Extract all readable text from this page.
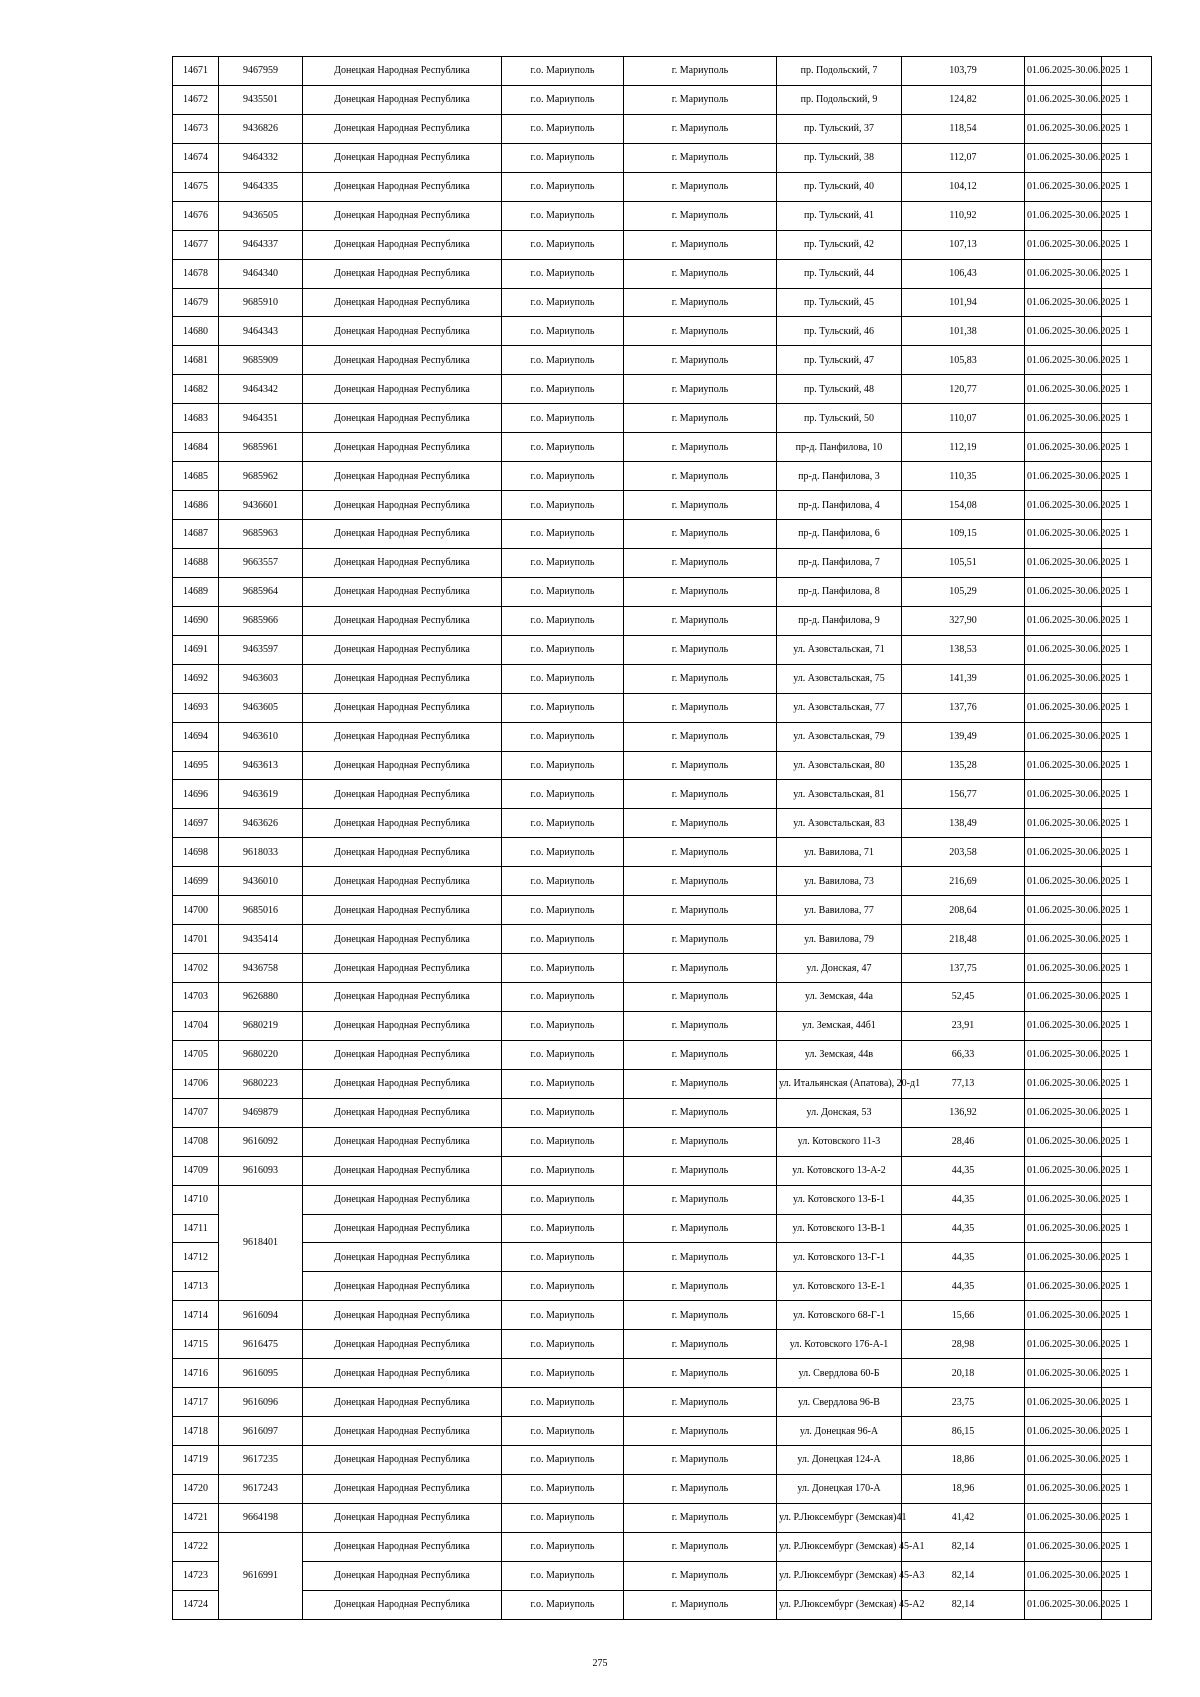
14671	9467959	Донецкая Народная Республика	г.о. Мариуполь	г. Мариуполь	пр. Подольский, 7	103,79	01.06.2025-30.06.2025	1
14672	9435501	Донецкая Народная Республика	г.о. Мариуполь	г. Мариуполь	пр. Подольский, 9	124,82	01.06.2025-30.06.2025	1
14673	9436826	Донецкая Народная Республика	г.о. Мариуполь	г. Мариуполь	пр. Тульский, 37	118,54	01.06.2025-30.06.2025	1
14674	9464332	Донецкая Народная Республика	г.о. Мариуполь	г. Мариуполь	пр. Тульский, 38	112,07	01.06.2025-30.06.2025	1
14675	9464335	Донецкая Народная Республика	г.о. Мариуполь	г. Мариуполь	пр. Тульский, 40	104,12	01.06.2025-30.06.2025	1
14676	9436505	Донецкая Народная Республика	г.о. Мариуполь	г. Мариуполь	пр. Тульский, 41	110,92	01.06.2025-30.06.2025	1
14677	9464337	Донецкая Народная Республика	г.о. Мариуполь	г. Мариуполь	пр. Тульский, 42	107,13	01.06.2025-30.06.2025	1
14678	9464340	Донецкая Народная Республика	г.о. Мариуполь	г. Мариуполь	пр. Тульский, 44	106,43	01.06.2025-30.06.2025	1
14679	9685910	Донецкая Народная Республика	г.о. Мариуполь	г. Мариуполь	пр. Тульский, 45	101,94	01.06.2025-30.06.2025	1
14680	9464343	Донецкая Народная Республика	г.о. Мариуполь	г. Мариуполь	пр. Тульский, 46	101,38	01.06.2025-30.06.2025	1
14681	9685909	Донецкая Народная Республика	г.о. Мариуполь	г. Мариуполь	пр. Тульский, 47	105,83	01.06.2025-30.06.2025	1
14682	9464342	Донецкая Народная Республика	г.о. Мариуполь	г. Мариуполь	пр. Тульский, 48	120,77	01.06.2025-30.06.2025	1
14683	9464351	Донецкая Народная Республика	г.о. Мариуполь	г. Мариуполь	пр. Тульский, 50	110,07	01.06.2025-30.06.2025	1
14684	9685961	Донецкая Народная Республика	г.о. Мариуполь	г. Мариуполь	пр-д. Панфилова, 10	112,19	01.06.2025-30.06.2025	1
14685	9685962	Донецкая Народная Республика	г.о. Мариуполь	г. Мариуполь	пр-д. Панфилова, 3	110,35	01.06.2025-30.06.2025	1
14686	9436601	Донецкая Народная Республика	г.о. Мариуполь	г. Мариуполь	пр-д. Панфилова, 4	154,08	01.06.2025-30.06.2025	1
14687	9685963	Донецкая Народная Республика	г.о. Мариуполь	г. Мариуполь	пр-д. Панфилова, 6	109,15	01.06.2025-30.06.2025	1
14688	9663557	Донецкая Народная Республика	г.о. Мариуполь	г. Мариуполь	пр-д. Панфилова, 7	105,51	01.06.2025-30.06.2025	1
14689	9685964	Донецкая Народная Республика	г.о. Мариуполь	г. Мариуполь	пр-д. Панфилова, 8	105,29	01.06.2025-30.06.2025	1
14690	9685966	Донецкая Народная Республика	г.о. Мариуполь	г. Мариуполь	пр-д. Панфилова, 9	327,90	01.06.2025-30.06.2025	1
14691	9463597	Донецкая Народная Республика	г.о. Мариуполь	г. Мариуполь	ул. Азовстальская, 71	138,53	01.06.2025-30.06.2025	1
14692	9463603	Донецкая Народная Республика	г.о. Мариуполь	г. Мариуполь	ул. Азовстальская, 75	141,39	01.06.2025-30.06.2025	1
14693	9463605	Донецкая Народная Республика	г.о. Мариуполь	г. Мариуполь	ул. Азовстальская, 77	137,76	01.06.2025-30.06.2025	1
14694	9463610	Донецкая Народная Республика	г.о. Мариуполь	г. Мариуполь	ул. Азовстальская, 79	139,49	01.06.2025-30.06.2025	1
14695	9463613	Донецкая Народная Республика	г.о. Мариуполь	г. Мариуполь	ул. Азовстальская, 80	135,28	01.06.2025-30.06.2025	1
14696	9463619	Донецкая Народная Республика	г.о. Мариуполь	г. Мариуполь	ул. Азовстальская, 81	156,77	01.06.2025-30.06.2025	1
14697	9463626	Донецкая Народная Республика	г.о. Мариуполь	г. Мариуполь	ул. Азовстальская, 83	138,49	01.06.2025-30.06.2025	1
14698	9618033	Донецкая Народная Республика	г.о. Мариуполь	г. Мариуполь	ул. Вавилова, 71	203,58	01.06.2025-30.06.2025	1
14699	9436010	Донецкая Народная Республика	г.о. Мариуполь	г. Мариуполь	ул. Вавилова, 73	216,69	01.06.2025-30.06.2025	1
14700	9685016	Донецкая Народная Республика	г.о. Мариуполь	г. Мариуполь	ул. Вавилова, 77	208,64	01.06.2025-30.06.2025	1
14701	9435414	Донецкая Народная Республика	г.о. Мариуполь	г. Мариуполь	ул. Вавилова, 79	218,48	01.06.2025-30.06.2025	1
14702	9436758	Донецкая Народная Республика	г.о. Мариуполь	г. Мариуполь	ул. Донская, 47	137,75	01.06.2025-30.06.2025	1
14703	9626880	Донецкая Народная Республика	г.о. Мариуполь	г. Мариуполь	ул. Земская, 44а	52,45	01.06.2025-30.06.2025	1
14704	9680219	Донецкая Народная Республика	г.о. Мариуполь	г. Мариуполь	ул. Земская, 44б1	23,91	01.06.2025-30.06.2025	1
14705	9680220	Донецкая Народная Республика	г.о. Мариуполь	г. Мариуполь	ул. Земская, 44в	66,33	01.06.2025-30.06.2025	1
14706	9680223	Донецкая Народная Республика	г.о. Мариуполь	г. Мариуполь	ул. Итальянская (Апатова), 20-д1	77,13	01.06.2025-30.06.2025	1
14707	9469879	Донецкая Народная Республика	г.о. Мариуполь	г. Мариуполь	ул. Донская, 53	136,92	01.06.2025-30.06.2025	1
14708	9616092	Донецкая Народная Республика	г.о. Мариуполь	г. Мариуполь	ул. Котовского 11-3	28,46	01.06.2025-30.06.2025	1
14709	9616093	Донецкая Народная Республика	г.о. Мариуполь	г. Мариуполь	ул. Котовского 13-А-2	44,35	01.06.2025-30.06.2025	1
14710	9618401	Донецкая Народная Республика	г.о. Мариуполь	г. Мариуполь	ул. Котовского 13-Б-1	44,35	01.06.2025-30.06.2025	1
14711		Донецкая Народная Республика	г.о. Мариуполь	г. Мариуполь	ул. Котовского 13-В-1	44,35	01.06.2025-30.06.2025	1
14712		Донецкая Народная Республика	г.о. Мариуполь	г. Мариуполь	ул. Котовского 13-Г-1	44,35	01.06.2025-30.06.2025	1
14713		Донецкая Народная Республика	г.о. Мариуполь	г. Мариуполь	ул. Котовского 13-Е-1	44,35	01.06.2025-30.06.2025	1
14714	9616094	Донецкая Народная Республика	г.о. Мариуполь	г. Мариуполь	ул. Котовского 68-Г-1	15,66	01.06.2025-30.06.2025	1
14715	9616475	Донецкая Народная Республика	г.о. Мариуполь	г. Мариуполь	ул. Котовского 176-А-1	28,98	01.06.2025-30.06.2025	1
14716	9616095	Донецкая Народная Республика	г.о. Мариуполь	г. Мариуполь	ул. Свердлова 60-Б	20,18	01.06.2025-30.06.2025	1
14717	9616096	Донецкая Народная Республика	г.о. Мариуполь	г. Мариуполь	ул. Свердлова 96-В	23,75	01.06.2025-30.06.2025	1
14718	9616097	Донецкая Народная Республика	г.о. Мариуполь	г. Мариуполь	ул. Донецкая 96-А	86,15	01.06.2025-30.06.2025	1
14719	9617235	Донецкая Народная Республика	г.о. Мариуполь	г. Мариуполь	ул. Донецкая 124-А	18,86	01.06.2025-30.06.2025	1
14720	9617243	Донецкая Народная Республика	г.о. Мариуполь	г. Мариуполь	ул. Донецкая 170-А	18,96	01.06.2025-30.06.2025	1
14721	9664198	Донецкая Народная Республика	г.о. Мариуполь	г. Мариуполь	ул. Р.Люксембург (Земская)41	41,42	01.06.2025-30.06.2025	1
14722	9616991	Донецкая Народная Республика	г.о. Мариуполь	г. Мариуполь	ул. Р.Люксембург (Земская) 45-А1	82,14	01.06.2025-30.06.2025	1
14723		Донецкая Народная Республика	г.о. Мариуполь	г. Мариуполь	ул. Р.Люксембург (Земская) 45-А3	82,14	01.06.2025-30.06.2025	1
14724		Донецкая Народная Республика	г.о. Мариуполь	г. Мариуполь	ул. Р.Люксембург (Земская) 45-А2	82,14	01.06.2025-30.06.2025	1
275
